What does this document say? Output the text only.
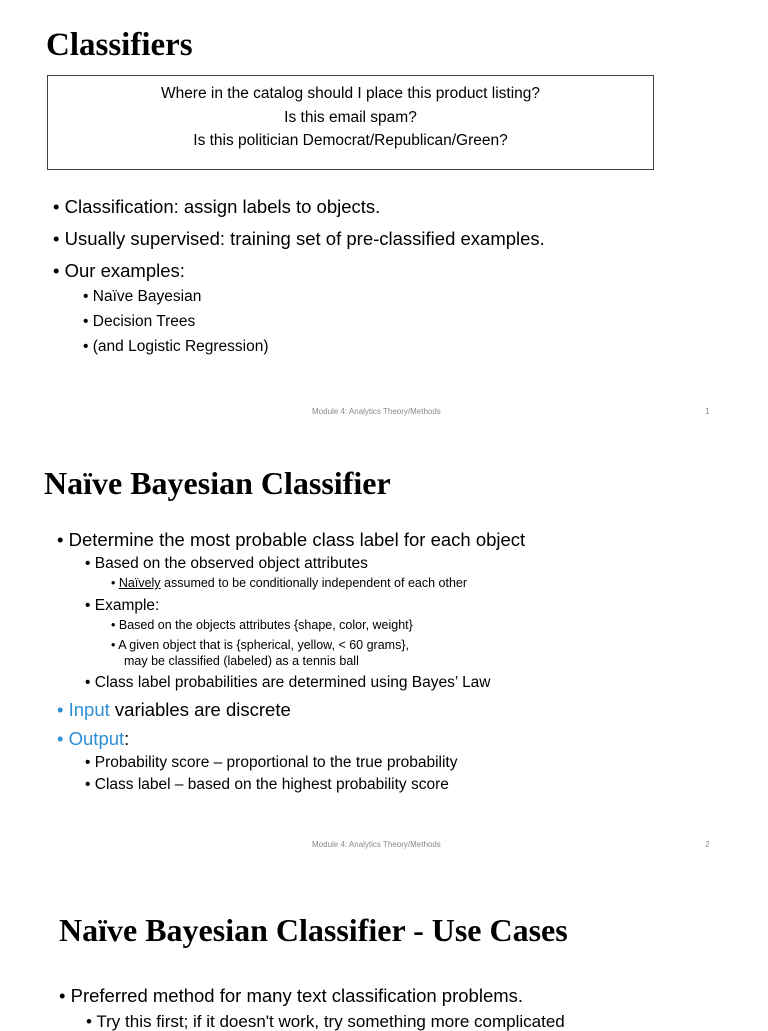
Classifiers
Where in the catalog should I place this product listing?
Is this email spam?
Is this politician Democrat/Republican/Green?
• Classification: assign labels to objects.
• Usually supervised: training set of pre-classified examples.
• Our examples:
• Naïve Bayesian
• Decision Trees
• (and Logistic Regression)
Module 4: Analytics Theory/Methods	1
Naïve Bayesian Classifier
• Determine the most probable class label for each object
• Based on the observed object attributes
• Naïvely assumed to be conditionally independent of each other
• Example:
• Based on the objects attributes {shape, color, weight}
• A given object that is {spherical, yellow, < 60 grams},
may be classified (labeled) as a tennis ball
• Class label probabilities are determined using Bayes’ Law
• Input variables are discrete
• Output:
• Probability score – proportional to the true probability
• Class label – based on the highest probability score
Module 4: Analytics Theory/Methods	2
Naïve Bayesian Classifier - Use Cases
• Preferred method for many text classification problems.
• Try this first; if it doesn't work, try something more complicated
